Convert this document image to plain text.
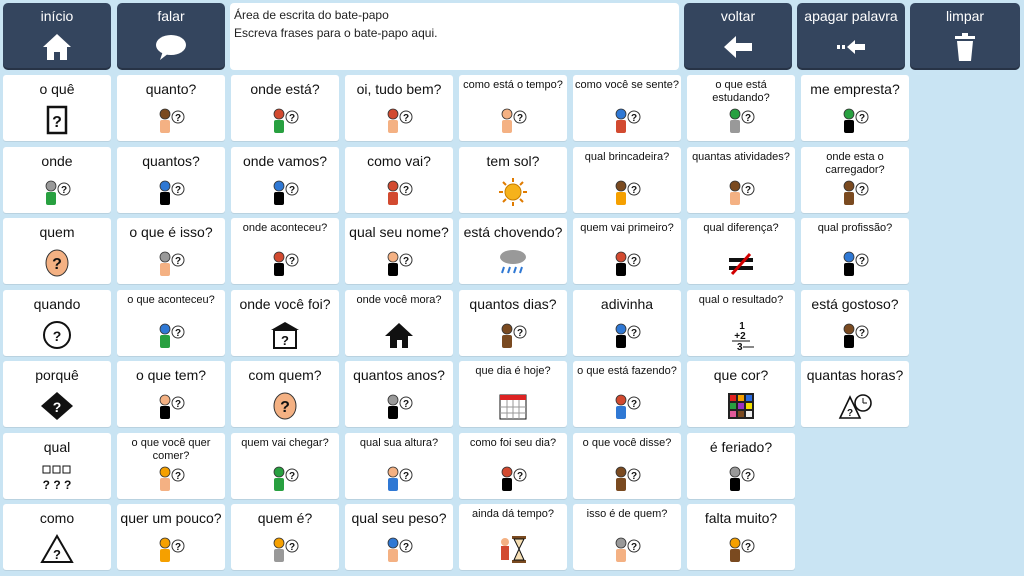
início	falar	Área de escrita do bate-papo
Escreva frases para o bate-papo aqui.
voltar	apagar palavra	limpar
o quê
?
quanto?
?
onde está?
?
oi, tudo bem?
?
como está o tempo?
?
como você se sente?
?
o que está estudando?
?
me empresta?
?
onde
?
quantos?
?
onde vamos?
?
como vai?
?
tem sol?	qual brincadeira?
?
quantas atividades?
?
onde esta o carregador?
?
quem
?
o que é isso?
?
onde aconteceu?
?
qual seu nome?
?
está chovendo?	quem vai primeiro?
?
qual diferença?	qual profissão?
?
quando
?
o que aconteceu?
?
onde você foi?
?
onde você mora?	quantos dias?
?
adivinha
?
qual o resultado?
1
+2
3
está gostoso?
?
porquê
?
o que tem?
?
com quem?
?
quantos anos?
?
que dia é hoje?	o que está fazendo?
?
que cor?	quantas horas?
?
qual
? ? ?
o que você quer comer?
?
quem vai chegar?
?
qual sua altura?
?
como foi seu dia?
?
o que você disse?
?
é feriado?
?
como
?
quer um pouco?
?
quem é?
?
qual seu peso?
?
ainda dá tempo?	isso é de quem?
?
falta muito?
?
